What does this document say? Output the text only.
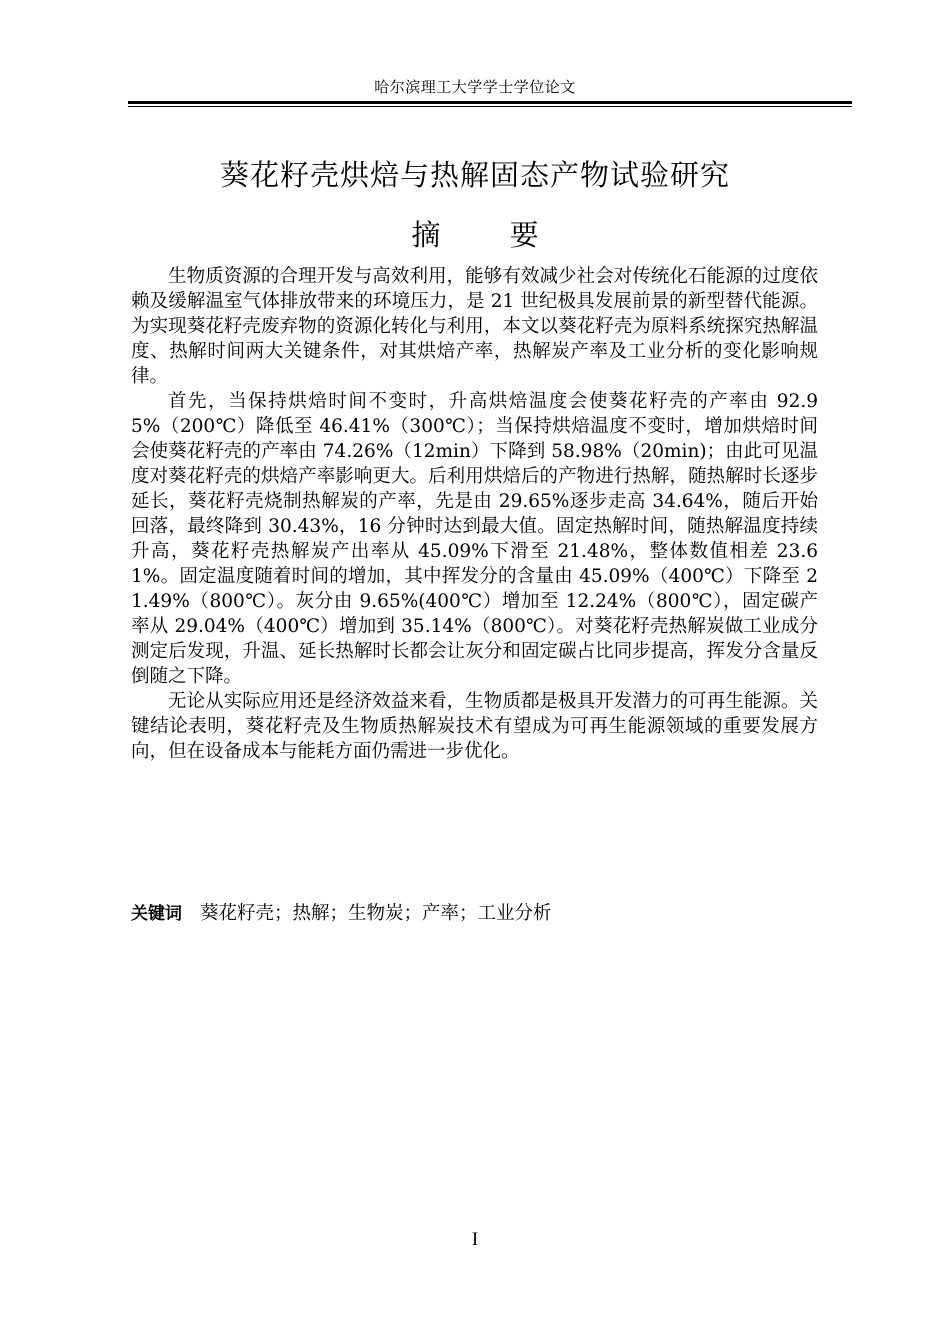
哈尔滨理工大学学士学位论文
葵花籽壳烘焙与热解固态产物试验研究
摘 要

生物质资源的合理开发与高效利用，能够有效减少社会对传统化石能源的过度依赖及缓解温室气体排放带来的环境压力，是 21 世纪极具发展前景的新型替代能源。为实现葵花籽壳废弃物的资源化转化与利用，本文以葵花籽壳为原料系统探究热解温度、热解时间两大关键条件，对其烘焙产率，热解炭产率及工业分析的变化影响规律。

首先，当保持烘焙时间不变时，升高烘焙温度会使葵花籽壳的产率由 92.95%（200℃）降低至 46.41%（300℃）；当保持烘焙温度不变时，增加烘焙时间会使葵花籽壳的产率由 74.26%（12min）下降到 58.98%（20min)；由此可见温度对葵花籽壳的烘焙产率影响更大。后利用烘焙后的产物进行热解，随热解时长逐步延长，葵花籽壳烧制热解炭的产率，先是由 29.65%逐步走高 34.64%，随后开始回落，最终降到 30.43%，16 分钟时达到最大值。固定热解时间，随热解温度持续升高，葵花籽壳热解炭产出率从 45.09%下滑至 21.48%，整体数值相差 23.61%。固定温度随着时间的增加，其中挥发分的含量由 45.09%（400℃）下降至 21.49%（800℃）。灰分由 9.65%(400℃）增加至 12.24%（800℃），固定碳产率从 29.04%（400℃）增加到 35.14%（800℃）。对葵花籽壳热解炭做工业成分测定后发现，升温、延长热解时长都会让灰分和固定碳占比同步提高，挥发分含量反倒随之下降。

无论从实际应用还是经济效益来看，生物质都是极具开发潜力的可再生能源。关键结论表明，葵花籽壳及生物质热解炭技术有望成为可再生能源领域的重要发展方向，但在设备成本与能耗方面仍需进一步优化。

关键词 葵花籽壳；热解；生物炭；产率；工业分析
I
